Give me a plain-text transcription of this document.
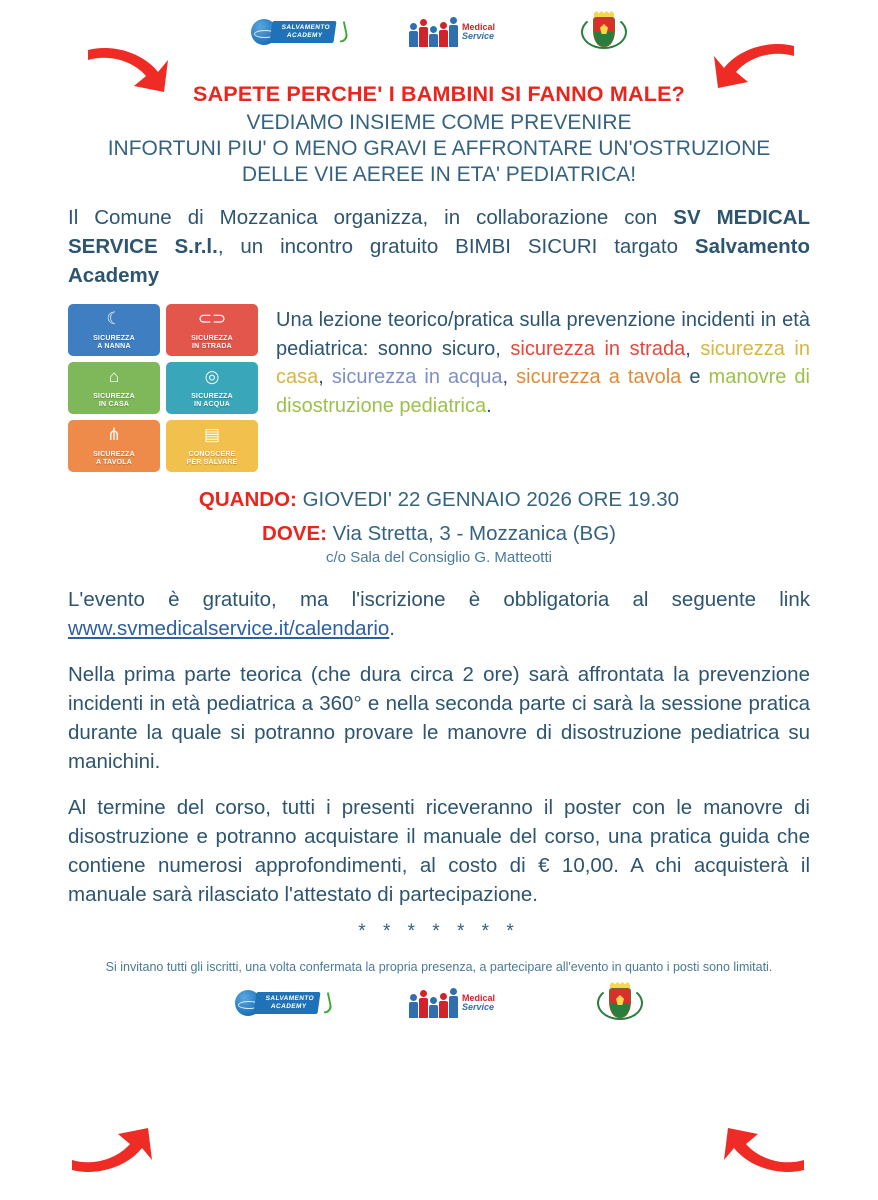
SALVAMENTO
ACADEMY
Medical
Service
SAPETE PERCHE' I BAMBINI SI FANNO MALE?
VEDIAMO INSIEME COME PREVENIRE
INFORTUNI PIU' O MENO GRAVI E AFFRONTARE UN'OSTRUZIONE
DELLE VIE AEREE IN ETA' PEDIATRICA!
Il Comune di Mozzanica organizza, in collaborazione con SV MEDICAL SERVICE S.r.l., un incontro gratuito BIMBI SICURI targato Salvamento Academy
☾
SICUREZZA
A NANNA
⊂⊃
SICUREZZA
IN STRADA
⌂
SICUREZZA
IN CASA
◎
SICUREZZA
IN ACQUA
⋔
SICUREZZA
A TAVOLA
▤
CONOSCERE
PER SALVARE
Una lezione teorico/pratica sulla prevenzione incidenti in età pediatrica: sonno sicuro, sicurezza in strada, sicurezza in casa, sicurezza in acqua, sicurezza a tavola e manovre di disostruzione pediatrica.
QUANDO: GIOVEDI' 22 GENNAIO 2026 ORE 19.30
DOVE: Via Stretta, 3 - Mozzanica (BG)
c/o Sala del Consiglio G. Matteotti
L'evento è gratuito, ma l'iscrizione è obbligatoria al seguente link www.svmedicalservice.it/calendario.
Nella prima parte teorica (che dura circa 2 ore) sarà affrontata la prevenzione incidenti in età pediatrica a 360° e nella seconda parte ci sarà la sessione pratica durante la quale si potranno provare le manovre di disostruzione pediatrica su manichini.
Al termine del corso, tutti i presenti riceveranno il poster con le manovre di disostruzione e potranno acquistare il manuale del corso, una pratica guida che contiene numerosi approfondimenti, al costo di € 10,00. A chi acquisterà il manuale sarà rilasciato l'attestato di partecipazione.
* * * * * * *
Si invitano tutti gli iscritti, una volta confermata la propria presenza, a partecipare all'evento in quanto i posti sono limitati.
SALVAMENTO
ACADEMY
Medical
Service
